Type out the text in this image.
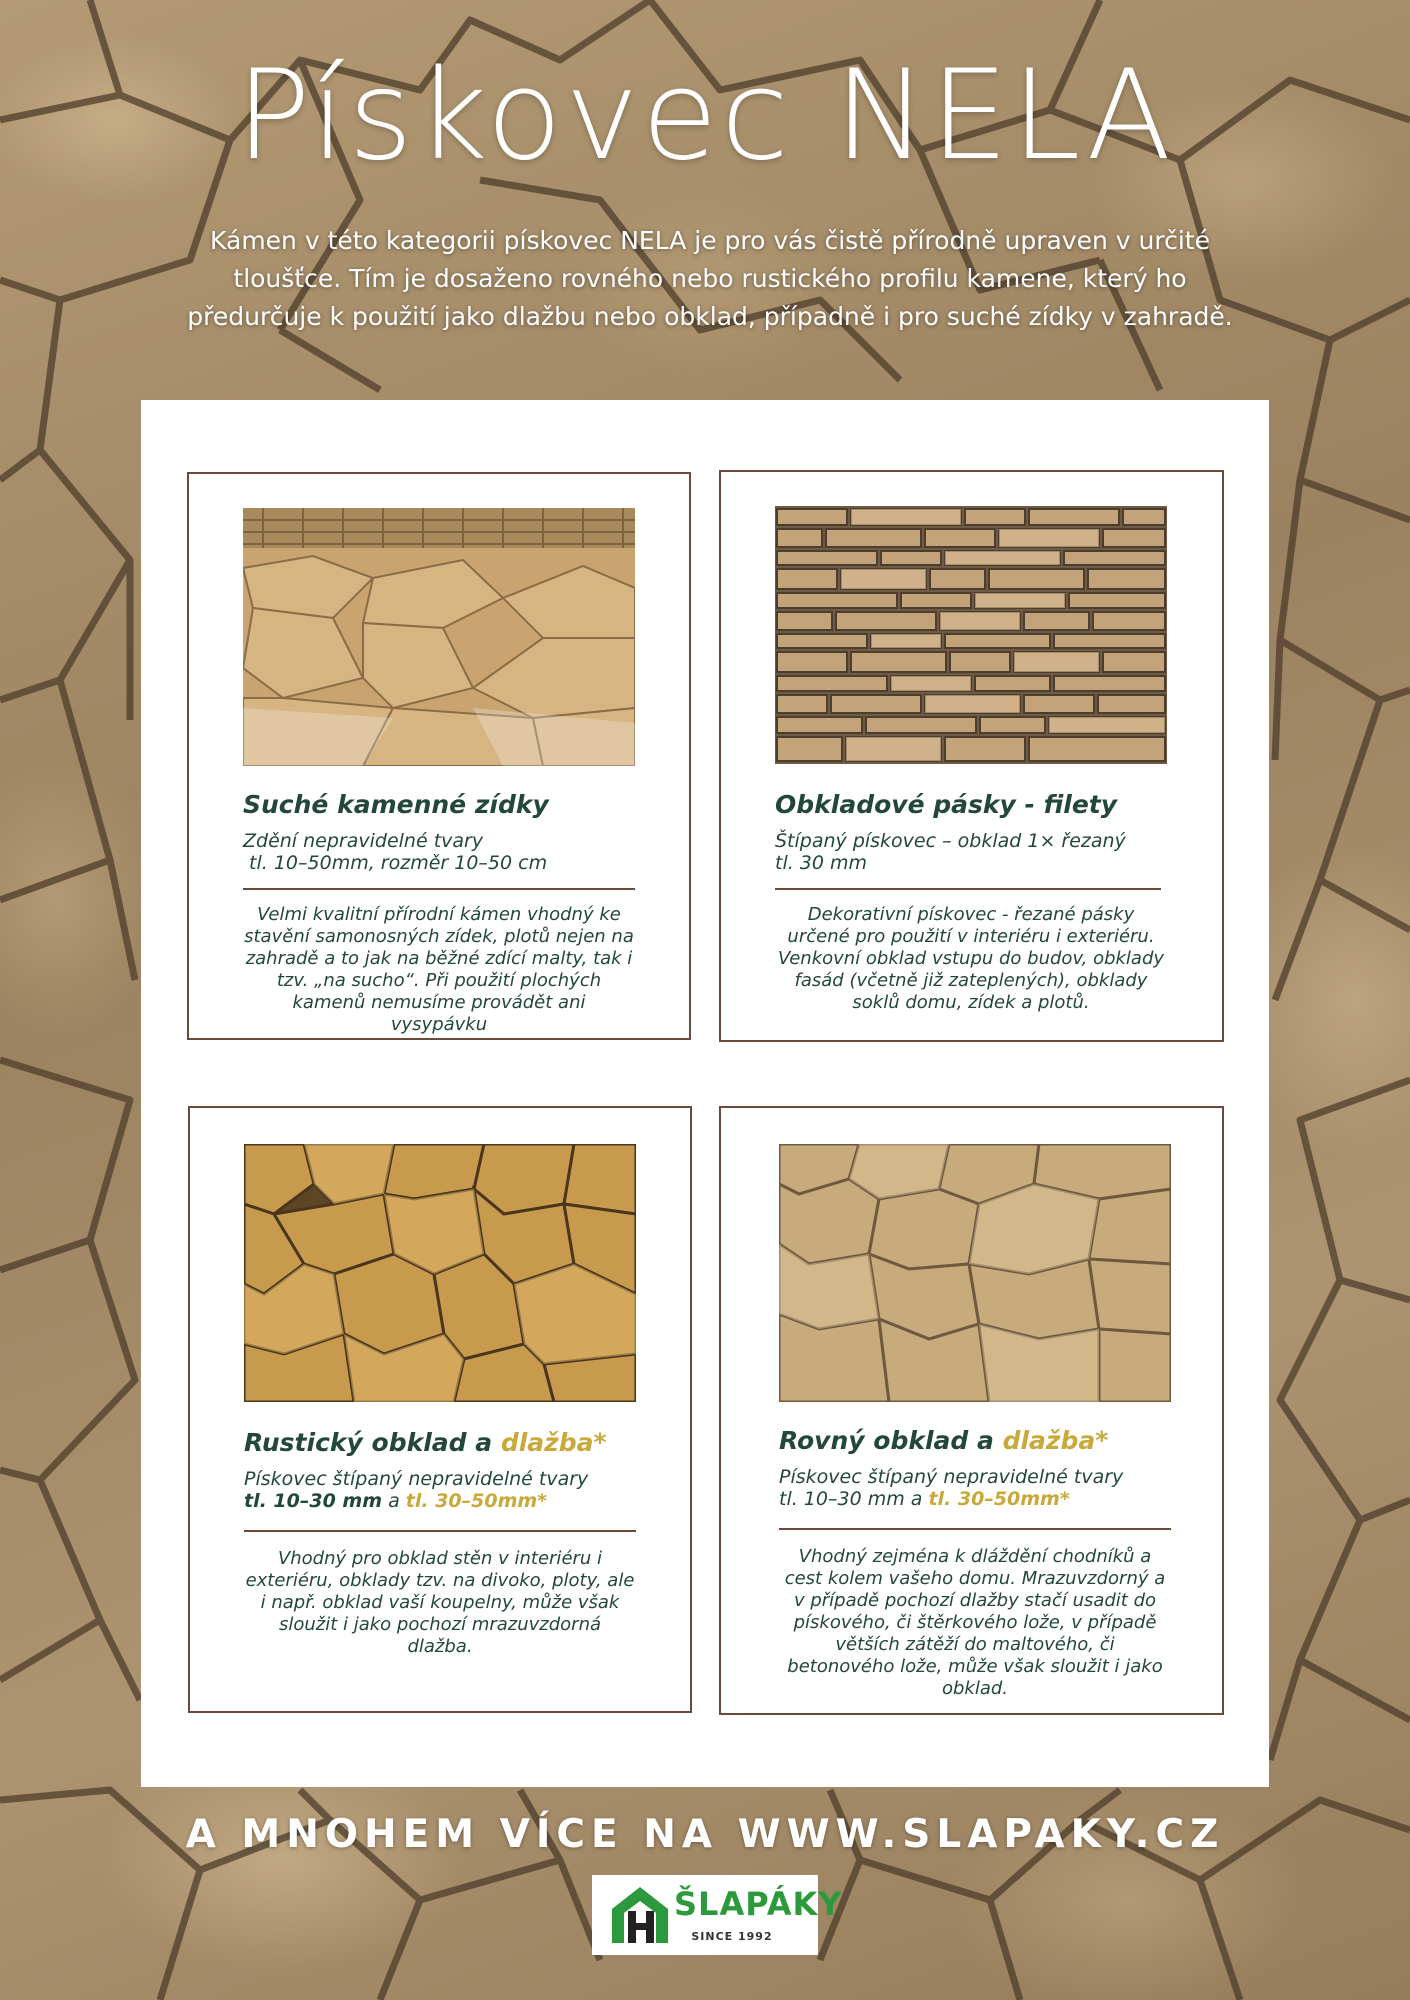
Pískovec NELA
Kámen v této kategorii pískovec NELA je pro vás čistě přírodně upraven v určité tloušťce. Tím je dosaženo rovného nebo rustického profilu kamene, který ho předurčuje k použití jako dlažbu nebo obklad, případně i pro suché zídky v zahradě.
Suché kamenné zídky
Zdění nepravidelné tvary
tl. 10–50mm, rozměr 10–50 cm
Velmi kvalitní přírodní kámen vhodný ke stavění samonosných zídek, plotů nejen na zahradě a to jak na běžné zdící malty, tak i tzv. „na sucho“. Při použití plochých kamenů nemusíme provádět ani vysypávku
Obkladové pásky - filety
Štípaný pískovec – obklad 1× řezaný
tl. 30 mm
Dekorativní pískovec - řezané pásky určené pro použití v interiéru i exteriéru. Venkovní obklad vstupu do budov, obklady fasád (včetně již zateplených), obklady soklů domu, zídek a plotů.
Rustický obklad a dlažba*
Pískovec štípaný nepravidelné tvary
tl. 10–30 mm a tl. 30–50mm*
Vhodný pro obklad stěn v interiéru i exteriéru, obklady tzv. na divoko, ploty, ale i např. obklad vaší koupelny, může však sloužit i jako pochozí mrazuvzdorná dlažba.
Rovný obklad a dlažba*
Pískovec štípaný nepravidelné tvary
tl. 10–30 mm a tl. 30–50mm*
Vhodný zejména k dláždění chodníků a cest kolem vašeho domu. Mrazuvzdorný a v případě pochozí dlažby stačí usadit do pískového, či štěrkového lože, v případě větších zátěží do maltového, či betonového lože, může však sloužit i jako obklad.
A MNOHEM VÍCE NA WWW.SLAPAKY.CZ
ŠLAPÁKY
SINCE 1992
